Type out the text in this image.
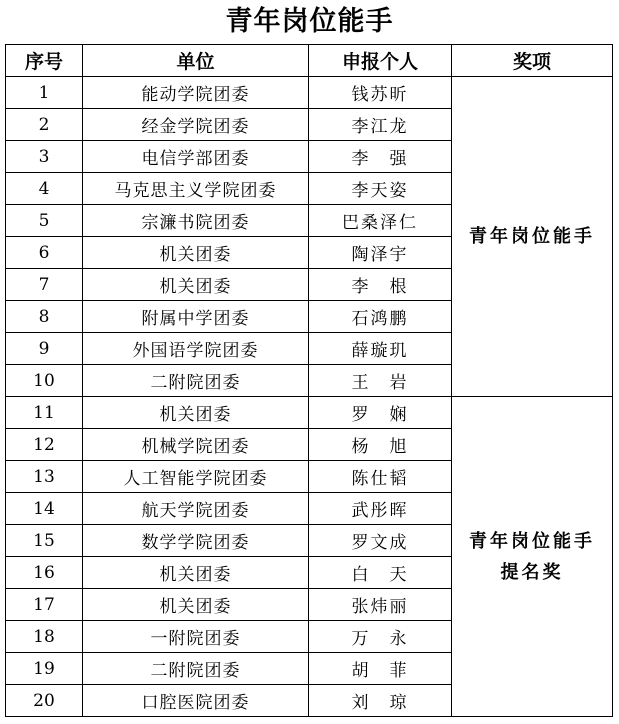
青年岗位能手
序号	单位	申报个人	奖项
1	能动学院团委	钱苏昕	青年岗位能手
2	经金学院团委	李江龙	
3	电信学部团委	李　强	
4	马克思主义学院团委	李天姿	
5	宗濂书院团委	巴桑泽仁	
6	机关团委	陶泽宇	
7	机关团委	李　根	
8	附属中学团委	石鸿鹏	
9	外国语学院团委	薛璇玑	
10	二附院团委	王　岩	
11	机关团委	罗　娴	青年岗位能手
提名奖
12	机械学院团委	杨　旭	
13	人工智能学院团委	陈仕韬	
14	航天学院团委	武彤晖	
15	数学学院团委	罗文成	
16	机关团委	白　天	
17	机关团委	张炜丽	
18	一附院团委	万　永	
19	二附院团委	胡　菲	
20	口腔医院团委	刘　琼	
